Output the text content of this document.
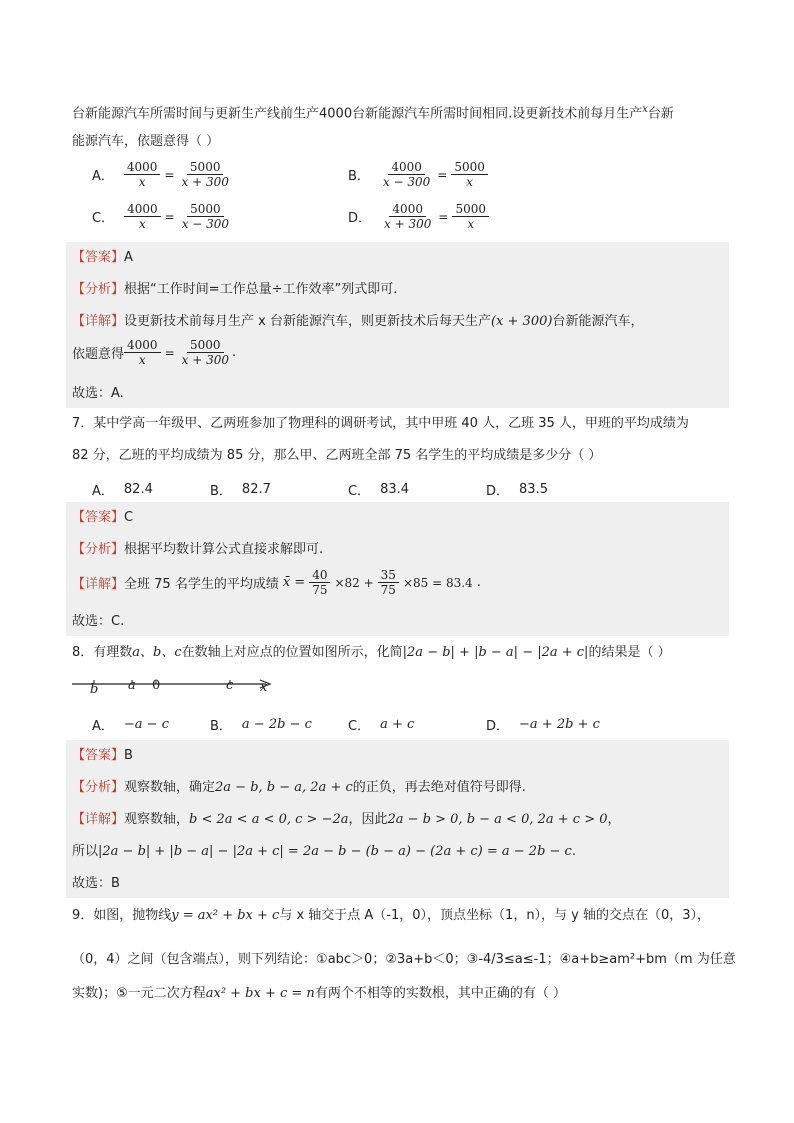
台新能源汽车所需时间与更新生产线前生产4000台新能源汽车所需时间相同.设更新技术前每月生产$^x$台新
能源汽车，依题意得（ ）
A． $\frac{4000}{x} = \frac{5000}{x + 300}$	B． $\frac{4000}{x - 300} = \frac{5000}{x}$
C． $\frac{4000}{x} = \frac{5000}{x - 300}$	D． $\frac{4000}{x + 300} = \frac{5000}{x}$
【答案】A
【分析】根据“工作时间=工作总量÷工作效率”列式即可.
【详解】设更新技术前每月生产 x 台新能源汽车，则更新技术后每天生产(x + 300)台新能源汽车，
依题意得 $\frac{4000}{x} = \frac{5000}{x + 300}$ .
故选：A.
7．某中学高一年级甲、乙两班参加了物理科的调研考试，其中甲班 40 人，乙班 35 人，甲班的平均成绩为
82 分，乙班的平均成绩为 85 分，那么甲、乙两班全部 75 名学生的平均成绩是多少分（ ）
A． 82.4	B． 82.7	C． 83.4	D． 83.5
【答案】C
【分析】根据平均数计算公式直接求解即可.
【详解】 全班 75 名学生的平均成绩 x̄ = $\frac{40}{75} \times 82 + \frac{35}{75} \times 85 = 83.4$ .
故选：C.
8．有理数a、b、c在数轴上对应点的位置如图所示，化简|2a − b| + |b − a| − |2a + c|的结果是（ ）
b a 0	c x
A． −a − c	B． a − 2b − c	C． a + c	D． −a + 2b + c
【答案】B
【分析】观察数轴，确定2a − b, b − a, 2a + c的正负，再去绝对值符号即得.
【详解】观察数轴，b < 2a < a < 0, c > −2a，因此2a − b > 0, b − a < 0, 2a + c > 0，
所以|2a − b| + |b − a| − |2a + c| = 2a − b − (b − a) − (2a + c) = a − 2b − c.
故选：B
9．如图，抛物线y = ax² + bx + c与 x 轴交于点 A（-1，0），顶点坐标（1，n），与 y 轴的交点在（0，3），
（0，4）之间（包含端点），则下列结论：①abc＞0；②3a+b＜0；③-4/3≤a≤-1；④a+b≥am²+bm（m 为任意
实数)；⑤一元二次方程ax² + bx + c = n有两个不相等的实数根，其中正确的有（ ）
